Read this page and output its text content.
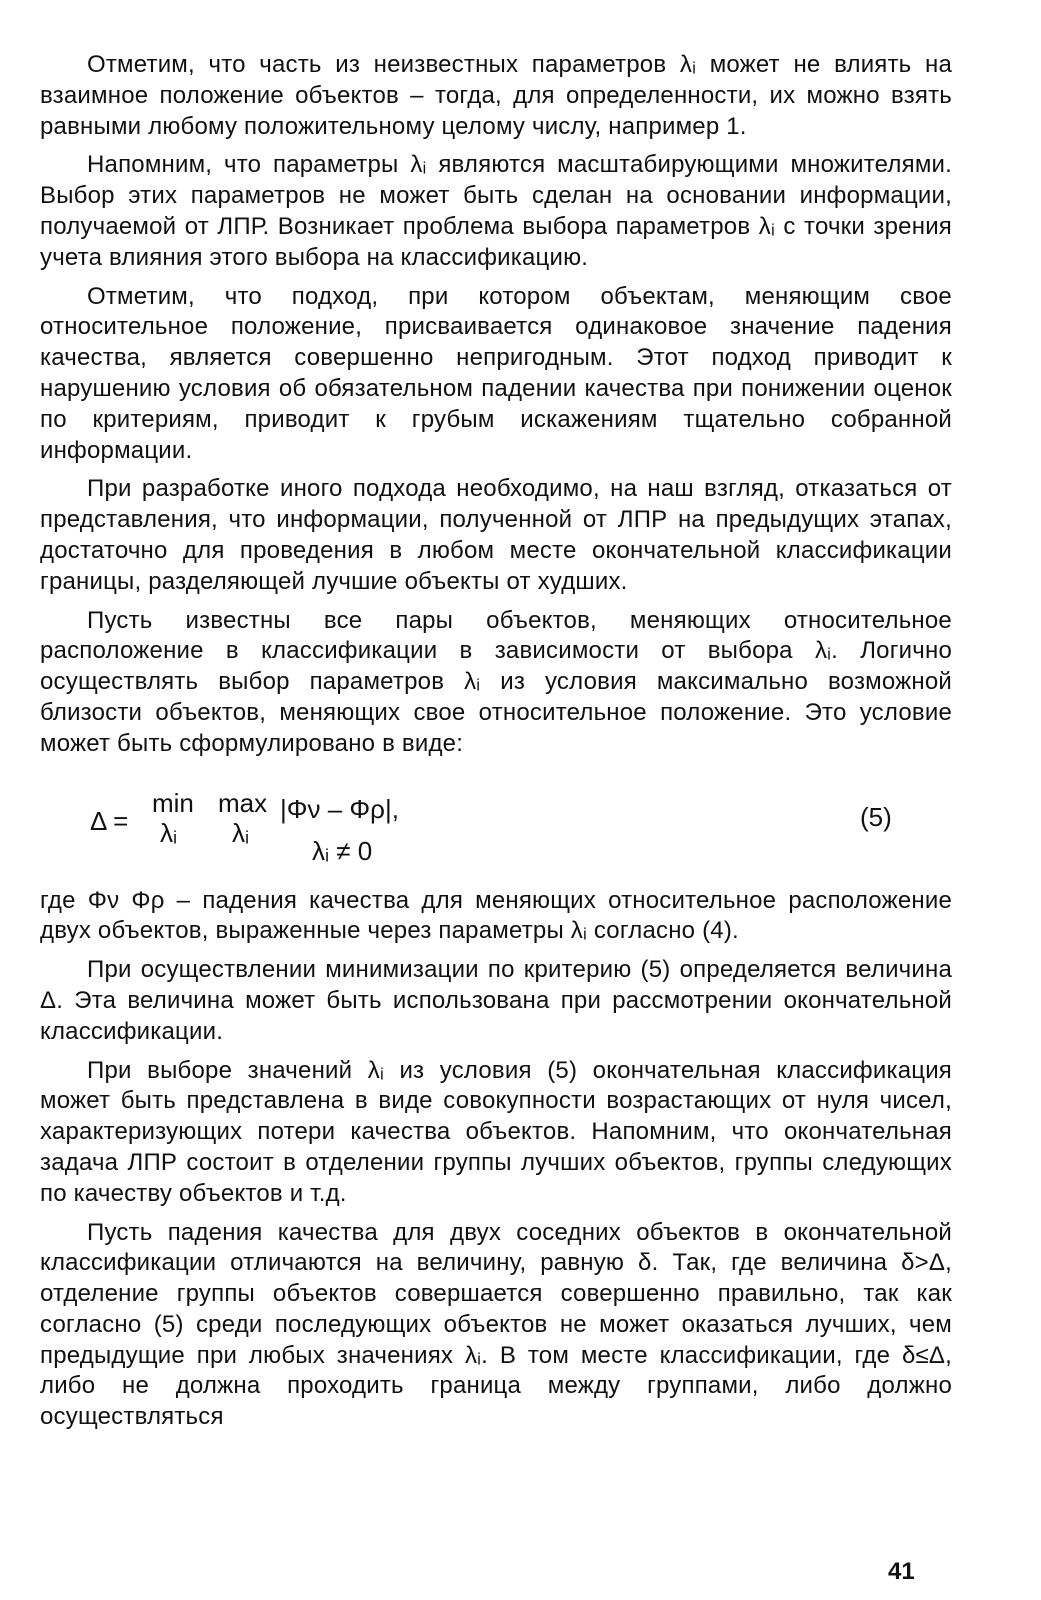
Отметим, что часть из неизвестных параметров λᵢ может не влиять на взаимное положение объектов – тогда, для определенности, их можно взять равными любому положительному целому числу, например 1.

Напомним, что параметры λᵢ являются масштабирующими множителями. Выбор этих параметров не может быть сделан на основании информации, получаемой от ЛПР. Возникает проблема выбора параметров λᵢ с точки зрения учета влияния этого выбора на классификацию.

Отметим, что подход, при котором объектам, меняющим свое относительное положение, присваивается одинаковое значение падения качества, является совершенно непригодным. Этот подход приводит к нарушению условия об обязательном падении качества при понижении оценок по критериям, приводит к грубым искажениям тщательно собранной информации.

При разработке иного подхода необходимо, на наш взгляд, отказаться от представления, что информации, полученной от ЛПР на предыдущих этапах, достаточно для проведения в любом месте окончательной классификации границы, разделяющей лучшие объекты от худших.

Пусть известны все пары объектов, меняющих относительное расположение в классификации в зависимости от выбора λᵢ. Логично осуществлять выбор параметров λᵢ из условия максимально возможной близости объектов, меняющих свое относительное положение. Это условие может быть сформулировано в виде:

Δ =
min
λᵢ
max
λᵢ
|Φν – Φρ|,
λᵢ ≠ 0
(5)

где Φν Φρ – падения качества для меняющих относительное расположение двух объектов, выраженные через параметры λᵢ согласно (4).

При осуществлении минимизации по критерию (5) определяется величина Δ. Эта величина может быть использована при рассмотрении окончательной классификации.

При выборе значений λᵢ из условия (5) окончательная классификация может быть представлена в виде совокупности возрастающих от нуля чисел, характеризующих потери качества объектов. Напомним, что окончательная задача ЛПР состоит в отделении группы лучших объектов, группы следующих по качеству объектов и т.д.

Пусть падения качества для двух соседних объектов в окончательной классификации отличаются на величину, равную δ. Так, где величина δ>Δ, отделение группы объектов совершается совершенно правильно, так как согласно (5) среди последующих объектов не может оказаться лучших, чем предыдущие при любых значениях λᵢ. В том месте классификации, где δ≤Δ, либо не должна проходить граница между группами, либо должно осуществляться

41
